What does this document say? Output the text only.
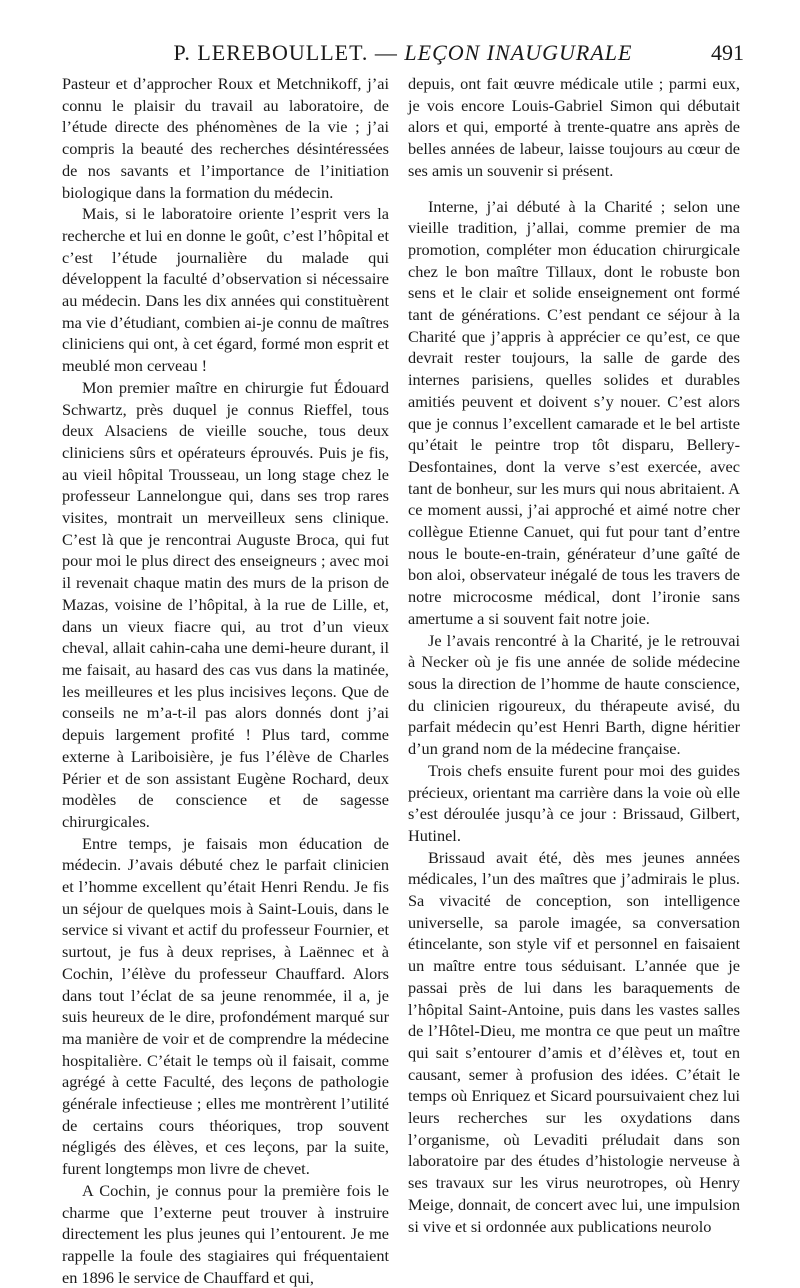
P. LEREBOULLET. — LEÇON INAUGURALE	491

Pasteur et d’approcher Roux et Metchnikoff, j’ai connu le plaisir du travail au laboratoire, de l’étude directe des phénomènes de la vie ; j’ai compris la beauté des recherches désintéressées de nos savants et l’importance de l’initiation biologique dans la formation du médecin.

Mais, si le laboratoire oriente l’esprit vers la recherche et lui en donne le goût, c’est l’hôpital et c’est l’étude journalière du malade qui développent la faculté d’observation si nécessaire au médecin. Dans les dix années qui constituèrent ma vie d’étudiant, combien ai-je connu de maîtres cliniciens qui ont, à cet égard, formé mon esprit et meublé mon cerveau !

Mon premier maître en chirurgie fut Édouard Schwartz, près duquel je connus Rieffel, tous deux Alsaciens de vieille souche, tous deux cliniciens sûrs et opérateurs éprouvés. Puis je fis, au vieil hôpital Trousseau, un long stage chez le professeur Lannelongue qui, dans ses trop rares visites, montrait un merveilleux sens clinique. C’est là que je rencontrai Auguste Broca, qui fut pour moi le plus direct des enseigneurs ; avec moi il revenait chaque matin des murs de la prison de Mazas, voisine de l’hôpital, à la rue de Lille, et, dans un vieux fiacre qui, au trot d’un vieux cheval, allait cahin-caha une demi-heure durant, il me faisait, au hasard des cas vus dans la matinée, les meilleures et les plus incisives leçons. Que de conseils ne m’a-t-il pas alors donnés dont j’ai depuis largement profité ! Plus tard, comme externe à Lariboisière, je fus l’élève de Charles Périer et de son assistant Eugène Rochard, deux modèles de conscience et de sagesse chirurgicales.

Entre temps, je faisais mon éducation de médecin. J’avais débuté chez le parfait clinicien et l’homme excellent qu’était Henri Rendu. Je fis un séjour de quelques mois à Saint-Louis, dans le service si vivant et actif du professeur Fournier, et surtout, je fus à deux reprises, à Laënnec et à Cochin, l’élève du professeur Chauffard. Alors dans tout l’éclat de sa jeune renommée, il a, je suis heureux de le dire, profondément marqué sur ma manière de voir et de comprendre la médecine hospitalière. C’était le temps où il faisait, comme agrégé à cette Faculté, des leçons de pathologie générale infectieuse ; elles me montrèrent l’utilité de certains cours théoriques, trop souvent négligés des élèves, et ces leçons, par la suite, furent longtemps mon livre de chevet.

A Cochin, je connus pour la première fois le charme que l’externe peut trouver à instruire directement les plus jeunes qui l’entourent. Je me rappelle la foule des stagiaires qui fréquentaient en 1896 le service de Chauffard et qui,

depuis, ont fait œuvre médicale utile ; parmi eux, je vois encore Louis-Gabriel Simon qui débutait alors et qui, emporté à trente-quatre ans après de belles années de labeur, laisse toujours au cœur de ses amis un souvenir si présent.

Interne, j’ai débuté à la Charité ; selon une vieille tradition, j’allai, comme premier de ma promotion, compléter mon éducation chirurgicale chez le bon maître Tillaux, dont le robuste bon sens et le clair et solide enseignement ont formé tant de générations. C’est pendant ce séjour à la Charité que j’appris à apprécier ce qu’est, ce que devrait rester toujours, la salle de garde des internes parisiens, quelles solides et durables amitiés peuvent et doivent s’y nouer. C’est alors que je connus l’excellent camarade et le bel artiste qu’était le peintre trop tôt disparu, Bellery-Desfontaines, dont la verve s’est exercée, avec tant de bonheur, sur les murs qui nous abritaient. A ce moment aussi, j’ai approché et aimé notre cher collègue Etienne Canuet, qui fut pour tant d’entre nous le boute-en-train, générateur d’une gaîté de bon aloi, observateur inégalé de tous les travers de notre microcosme médical, dont l’ironie sans amertume a si souvent fait notre joie.

Je l’avais rencontré à la Charité, je le retrouvai à Necker où je fis une année de solide médecine sous la direction de l’homme de haute conscience, du clinicien rigoureux, du thérapeute avisé, du parfait médecin qu’est Henri Barth, digne héritier d’un grand nom de la médecine française.

Trois chefs ensuite furent pour moi des guides précieux, orientant ma carrière dans la voie où elle s’est déroulée jusqu’à ce jour : Brissaud, Gilbert, Hutinel.

Brissaud avait été, dès mes jeunes années médicales, l’un des maîtres que j’admirais le plus. Sa vivacité de conception, son intelligence universelle, sa parole imagée, sa conversation étincelante, son style vif et personnel en faisaient un maître entre tous séduisant. L’année que je passai près de lui dans les baraquements de l’hôpital Saint-Antoine, puis dans les vastes salles de l’Hôtel-Dieu, me montra ce que peut un maître qui sait s’entourer d’amis et d’élèves et, tout en causant, semer à profusion des idées. C’était le temps où Enriquez et Sicard poursuivaient chez lui leurs recherches sur les oxydations dans l’organisme, où Levaditi préludait dans son laboratoire par des études d’histologie nerveuse à ses travaux sur les virus neurotropes, où Henry Meige, donnait, de concert avec lui, une impulsion si vive et si ordonnée aux publications neurolo
